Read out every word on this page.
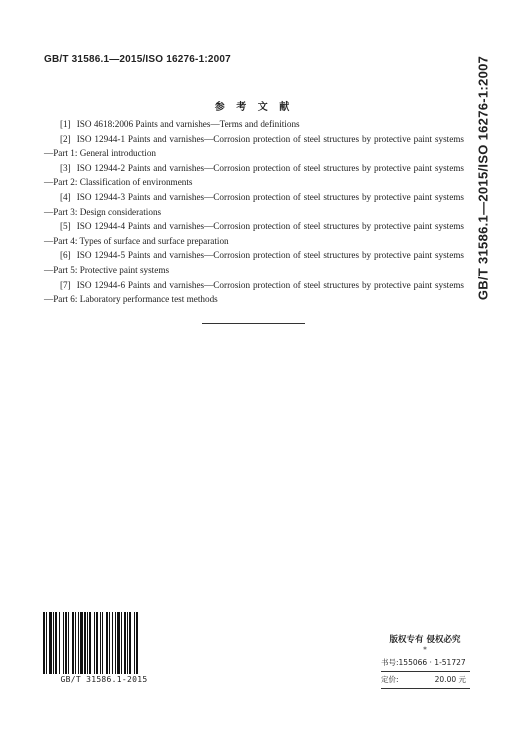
GB/T 31586.1—2015/ISO 16276-1:2007	GB/T 31586.1—2015/ISO 16276-1:2007
参 考 文 献

[1] ISO 4618:2006 Paints and varnishes—Terms and definitions

[2] ISO 12944-1 Paints and varnishes—Corrosion protection of steel structures by protective paint systems—Part 1: General introduction

[3] ISO 12944-2 Paints and varnishes—Corrosion protection of steel structures by protective paint systems—Part 2: Classification of environments

[4] ISO 12944-3 Paints and varnishes—Corrosion protection of steel structures by protective paint systems—Part 3: Design considerations

[5] ISO 12944-4 Paints and varnishes—Corrosion protection of steel structures by protective paint systems—Part 4: Types of surface and surface preparation

[6] ISO 12944-5 Paints and varnishes—Corrosion protection of steel structures by protective paint systems—Part 5: Protective paint systems

[7] ISO 12944-6 Paints and varnishes—Corrosion protection of steel structures by protective paint systems—Part 6: Laboratory performance test methods

GB/T 31586.1-2015
版权专有 侵权必究
*
书号:155066 · 1-51727
定价:	20.00 元
